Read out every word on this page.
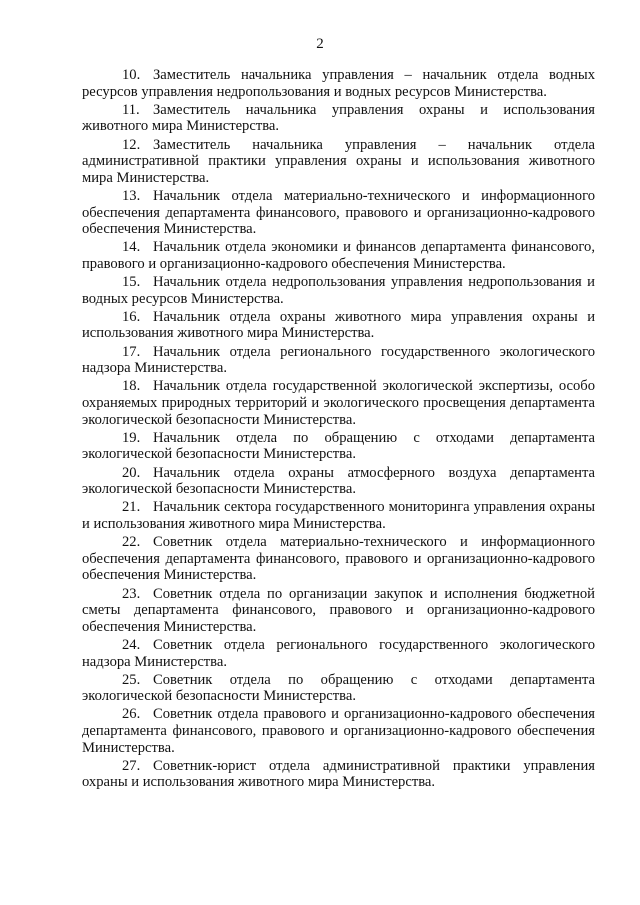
2

10. Заместитель начальника управления – начальник отдела водных ресурсов управления недропользования и водных ресурсов Министерства.

11. Заместитель начальника управления охраны и использования животного мира Министерства.

12. Заместитель начальника управления – начальник отдела административной практики управления охраны и использования животного мира Министерства.

13. Начальник отдела материально-технического и информационного обеспечения департамента финансового, правового и организационно-кадрового обеспечения Министерства.

14. Начальник отдела экономики и финансов департамента финансового, правового и организационно-кадрового обеспечения Министерства.

15. Начальник отдела недропользования управления недропользования и водных ресурсов Министерства.

16. Начальник отдела охраны животного мира управления охраны и использования животного мира Министерства.

17. Начальник отдела регионального государственного экологического надзора Министерства.

18. Начальник отдела государственной экологической экспертизы, особо охраняемых природных территорий и экологического просвещения департамента экологической безопасности Министерства.

19. Начальник отдела по обращению с отходами департамента экологической безопасности Министерства.

20. Начальник отдела охраны атмосферного воздуха департамента экологической безопасности Министерства.

21. Начальник сектора государственного мониторинга управления охраны и использования животного мира Министерства.

22. Советник отдела материально-технического и информационного обеспечения департамента финансового, правового и организационно-кадрового обеспечения Министерства.

23. Советник отдела по организации закупок и исполнения бюджетной сметы департамента финансового, правового и организационно-кадрового обеспечения Министерства.

24. Советник отдела регионального государственного экологического надзора Министерства.

25. Советник отдела по обращению с отходами департамента экологической безопасности Министерства.

26. Советник отдела правового и организационно-кадрового обеспечения департамента финансового, правового и организационно-кадрового обеспечения Министерства.

27. Советник-юрист отдела административной практики управления охраны и использования животного мира Министерства.
